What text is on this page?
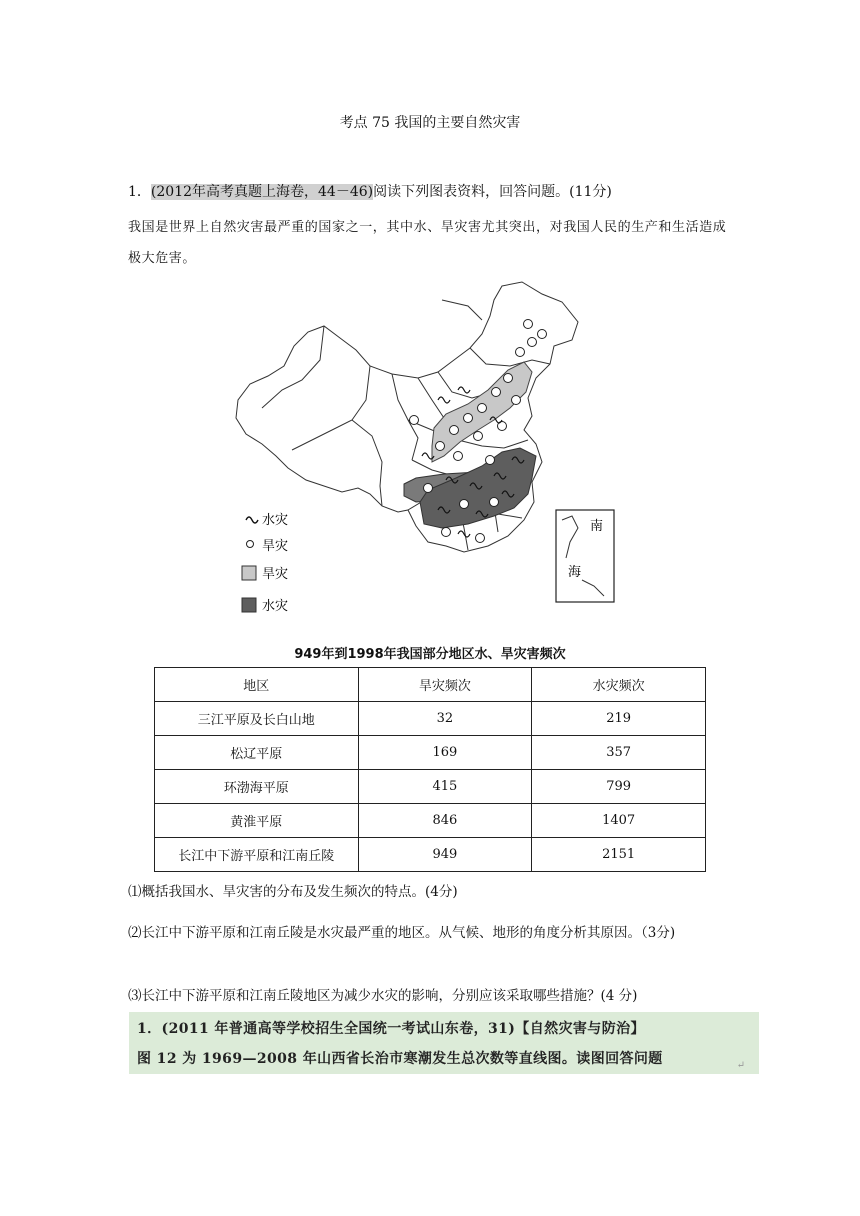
考点 75 我国的主要自然灾害
1．(2012年高考真题上海卷，44－46)阅读下列图表资料，回答问题。(11分)
我国是世界上自然灾害最严重的国家之一，其中水、旱灾害尤其突出，对我国人民的生产和生活造成极大危害。
南
海
水灾
旱灾
旱灾
水灾
949年到1998年我国部分地区水、旱灾害频次
地区	旱灾频次	水灾频次
三江平原及长白山地	32	219
松辽平原	169	357
环渤海平原	415	799
黄淮平原	846	1407
长江中下游平原和江南丘陵	949	2151
⑴概括我国水、旱灾害的分布及发生频次的特点。(4分)
⑵长江中下游平原和江南丘陵是水灾最严重的地区。从气候、地形的角度分析其原因。（3分)
⑶长江中下游平原和江南丘陵地区为减少水灾的影响，分别应该采取哪些措施？(4 分)
1．(2011 年普通高等学校招生全国统一考试山东卷，31)【自然灾害与防治】
图 12 为 1969—2008 年山西省长治市寒潮发生总次数等直线图。读图回答问题	↵
